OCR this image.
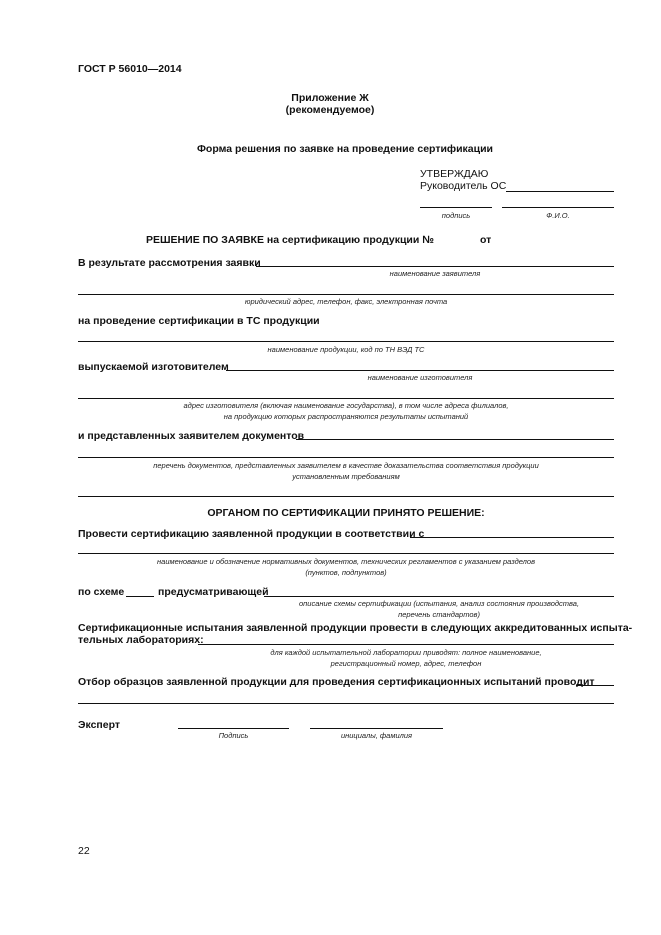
ГОСТ Р 56010—2014
Приложение Ж
(рекомендуемое)
Форма решения по заявке на проведение сертификации
УТВЕРЖДАЮ
Руководитель ОС
подпись	Ф.И.О.
РЕШЕНИЕ ПО ЗАЯВКЕ на сертификацию продукции №	от
В результате рассмотрения заявки
наименование заявителя
юридический адрес, телефон, факс, электронная почта
на проведение сертификации в ТС продукции
наименование продукции, код по ТН ВЭД ТС
выпускаемой изготовителем
наименование изготовителя
адрес изготовителя (включая наименование государства), в том числе адреса филиалов,
на продукцию которых распространяются результаты испытаний
и представленных заявителем документов
перечень документов, представленных заявителем в качестве доказательства соответствия продукции
установленным требованиям
ОРГАНОМ ПО СЕРТИФИКАЦИИ ПРИНЯТО РЕШЕНИЕ:
Провести сертификацию заявленной продукции в соответствии с
наименование и обозначение нормативных документов, технических регламентов с указанием разделов
(пунктов, подпунктов)
по схеме	предусматривающей
описание схемы сертификации (испытания, анализ состояния производства,
перечень стандартов)
Сертификационные испытания заявленной продукции провести в следующих аккредитованных испыта-
тельных лабораториях:
для каждой испытательной лаборатории приводят: полное наименование,
регистрационный номер, адрес, телефон
Отбор образцов заявленной продукции для проведения сертификационных испытаний проводит
Эксперт
Подпись	инициалы, фамилия
22
